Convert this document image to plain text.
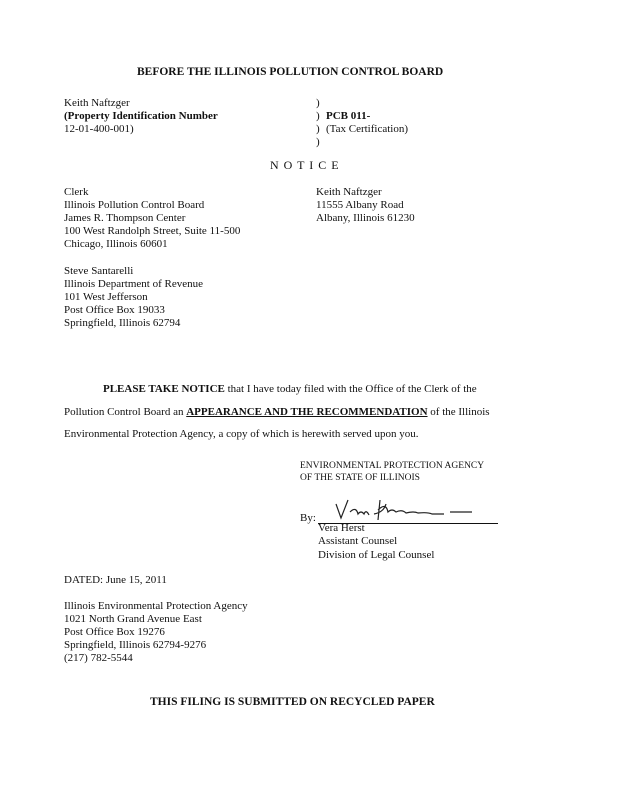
BEFORE THE ILLINOIS POLLUTION CONTROL BOARD
Keith Naftzger
(Property Identification Number
12-01-400-001)
)
)
)
)
PCB 011-
(Tax Certification)
N O T I C E
Clerk
Illinois Pollution Control Board
James R. Thompson Center
100 West Randolph Street, Suite 11-500
Chicago, Illinois 60601
Keith Naftzger
11555 Albany Road
Albany, Illinois 61230
Steve Santarelli
Illinois Department of Revenue
101 West Jefferson
Post Office Box 19033
Springfield, Illinois 62794
PLEASE TAKE NOTICE that I have today filed with the Office of the Clerk of the
Pollution Control Board an APPEARANCE AND THE RECOMMENDATION of the Illinois
Environmental Protection Agency, a copy of which is herewith served upon you.
ENVIRONMENTAL PROTECTION AGENCY
OF THE STATE OF ILLINOIS
By:
Vera Herst
Assistant Counsel
Division of Legal Counsel
DATED: June 15, 2011
Illinois Environmental Protection Agency
1021 North Grand Avenue East
Post Office Box 19276
Springfield, Illinois 62794-9276
(217) 782-5544
THIS FILING IS SUBMITTED ON RECYCLED PAPER
